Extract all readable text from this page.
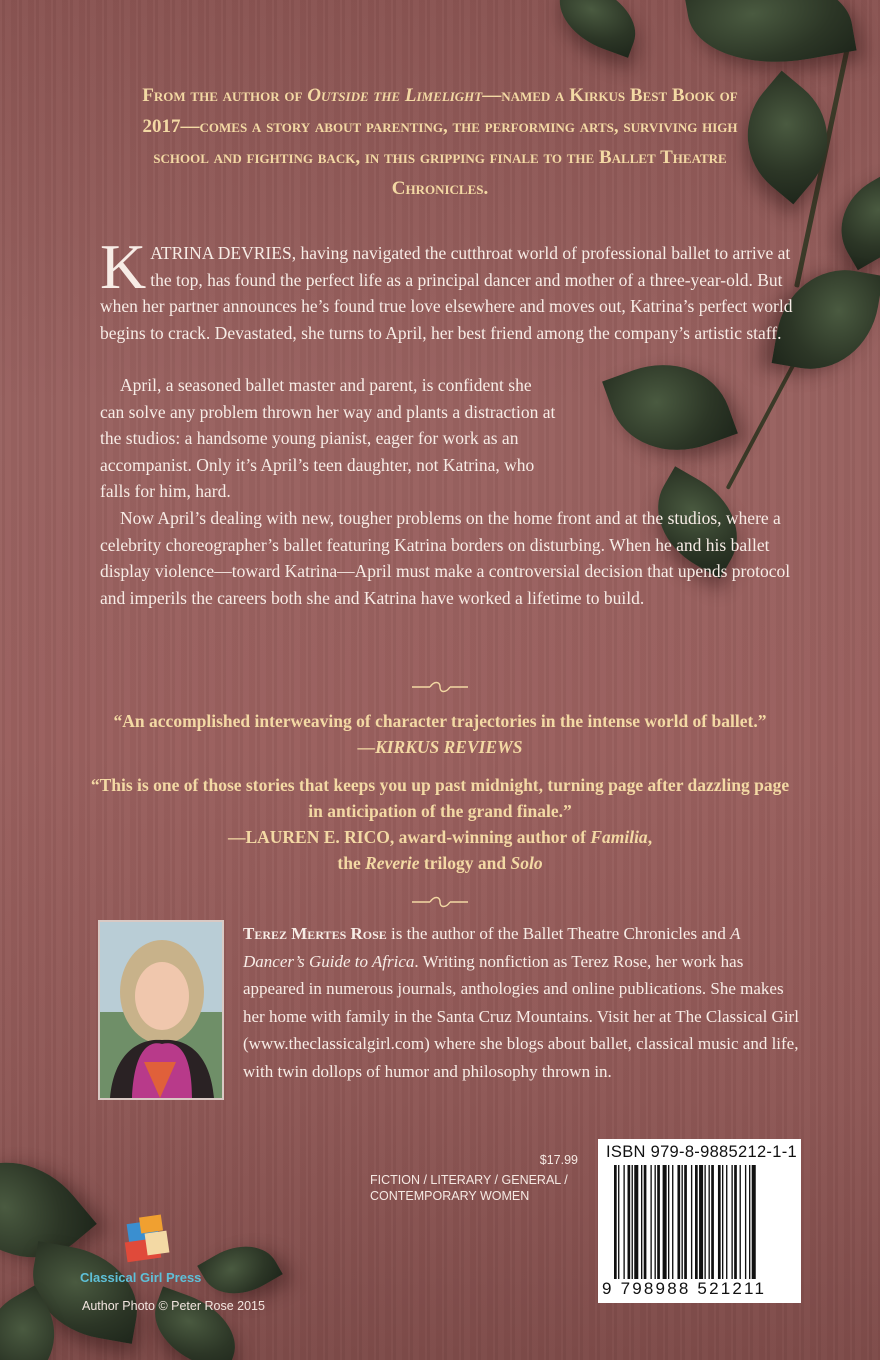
From the author of Outside the Limelight—named a Kirkus Best Book of 2017—comes a story about parenting, the performing arts, surviving high school and fighting back, in this gripping finale to the Ballet Theatre Chronicles.
KATRINA DEVRIES, having navigated the cutthroat world of professional ballet to arrive at the top, has found the perfect life as a principal dancer and mother of a three-year-old. But when her partner announces he’s found true love elsewhere and moves out, Katrina’s perfect world begins to crack. Devastated, she turns to April, her best friend among the company’s artistic staff.
April, a seasoned ballet master and parent, is confident she can solve any problem thrown her way and plants a distraction at the studios: a handsome young pianist, eager for work as an accompanist. Only it’s April’s teen daughter, not Katrina, who falls for him, hard.
Now April’s dealing with new, tougher problems on the home front and at the studios, where a celebrity choreographer’s ballet featuring Katrina borders on disturbing. When he and his ballet display violence—toward Katrina—April must make a controversial decision that upends protocol and imperils the careers both she and Katrina have worked a lifetime to build.
“An accomplished interweaving of character trajectories in the intense world of ballet.”
—KIRKUS REVIEWS
“This is one of those stories that keeps you up past midnight, turning page after dazzling page in anticipation of the grand finale.”
—LAUREN E. RICO, award-winning author of Familia,
the Reverie trilogy and Solo
Terez Mertes Rose is the author of the Ballet Theatre Chronicles and A Dancer’s Guide to Africa. Writing nonfiction as Terez Rose, her work has appeared in numerous journals, anthologies and online publications. She makes her home with family in the Santa Cruz Mountains. Visit her at The Classical Girl (www.theclassicalgirl.com) where she blogs about ballet, classical music and life, with twin dollops of humor and philosophy thrown in.
$17.99
FICTION / LITERARY / GENERAL /
CONTEMPORARY WOMEN
ISBN 979-8-9885212-1-1
9 798988 521211
Classical Girl Press
Author Photo © Peter Rose 2015
